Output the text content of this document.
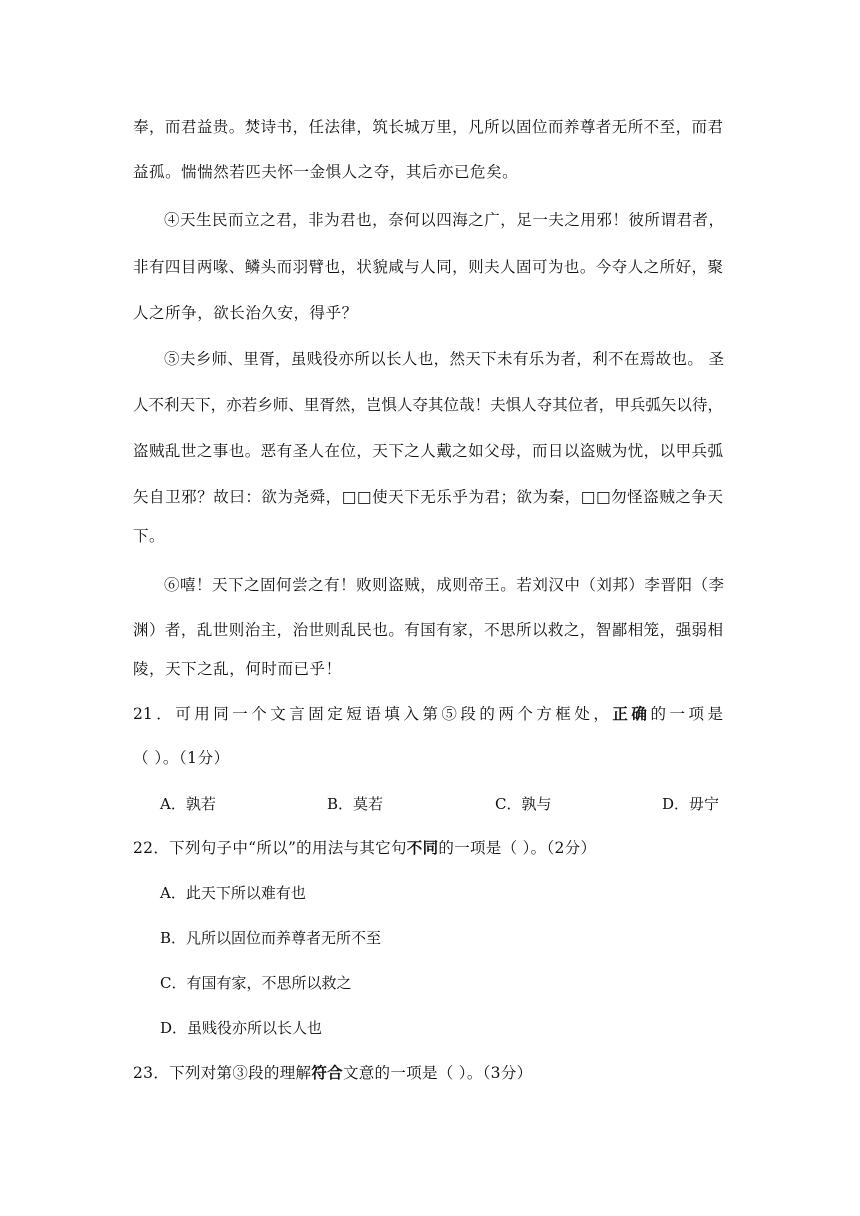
奉，而君益贵。焚诗书，任法律，筑长城万里，凡所以固位而养尊者无所不至，而君
益孤。惴惴然若匹夫怀一金惧人之夺，其后亦已危矣。
④天生民而立之君，非为君也，奈何以四海之广，足一夫之用邪！彼所谓君者，
非有四目两喙、鳞头而羽臂也，状貌咸与人同，则夫人固可为也。今夺人之所好，聚
人之所争，欲长治久安，得乎？
⑤夫乡师、里胥，虽贱役亦所以长人也，然天下未有乐为者，利不在焉故也。 圣
人不利天下，亦若乡师、里胥然，岂惧人夺其位哉！夫惧人夺其位者，甲兵弧矢以待，
盗贼乱世之事也。恶有圣人在位，天下之人戴之如父母，而日以盗贼为忧，以甲兵弧
矢自卫邪？故曰：欲为尧舜，□□使天下无乐乎为君；欲为秦，□□勿怪盗贼之争天
下。
⑥嘻！天下之固何尝之有！败则盗贼，成则帝王。若刘汉中（刘邦）李晋阳（李
渊）者，乱世则治主，治世则乱民也。有国有家，不思所以救之，智鄙相笼，强弱相
陵，天下之乱，何时而已乎！
21．可用同一个文言固定短语填入第⑤段的两个方框处，正确的一项是
（ ）。（1分）
A．孰若	B．莫若	C．孰与	D．毋宁
22．下列句子中“所以”的用法与其它句不同的一项是（ ）。（2分）
A．此天下所以难有也
B．凡所以固位而养尊者无所不至
C．有国有家，不思所以救之
D．虽贱役亦所以长人也
23．下列对第③段的理解符合文意的一项是（ ）。（3分）
